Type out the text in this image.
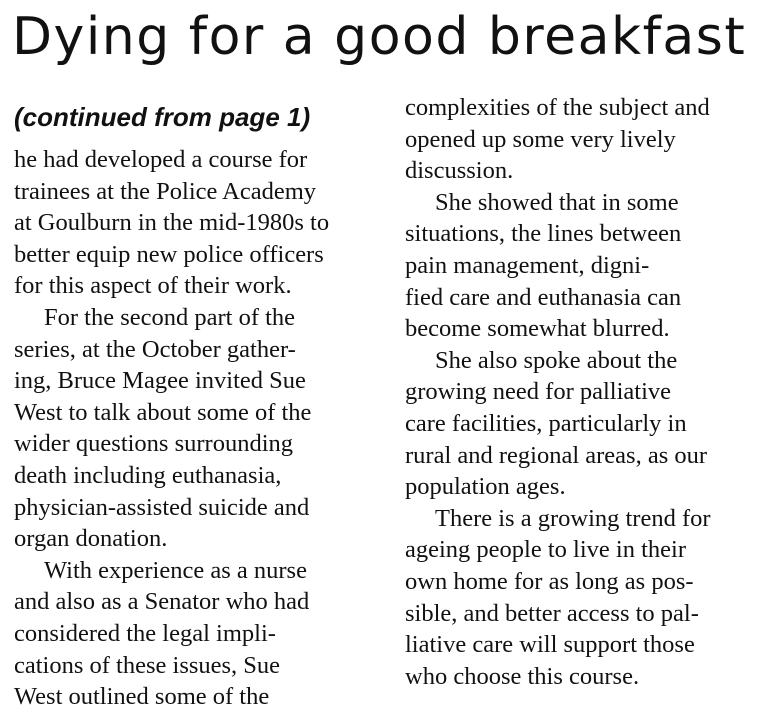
Dying for a good breakfast
(continued from page 1)
he had developed a course for
trainees at the Police Academy
at Goulburn in the mid-1980s to
better equip new police officers
for this aspect of their work.
For the second part of the
series, at the October gather-
ing, Bruce Magee invited Sue
West to talk about some of the
wider questions surrounding
death including euthanasia,
physician-assisted suicide and
organ donation.
With experience as a nurse
and also as a Senator who had
considered the legal impli-
cations of these issues, Sue
West outlined some of the
complexities of the subject and
opened up some very lively
discussion.
She showed that in some
situations, the lines between
pain management, digni-
fied care and euthanasia can
become somewhat blurred.
She also spoke about the
growing need for palliative
care facilities, particularly in
rural and regional areas, as our
population ages.
There is a growing trend for
ageing people to live in their
own home for as long as pos-
sible, and better access to pal-
liative care will support those
who choose this course.
